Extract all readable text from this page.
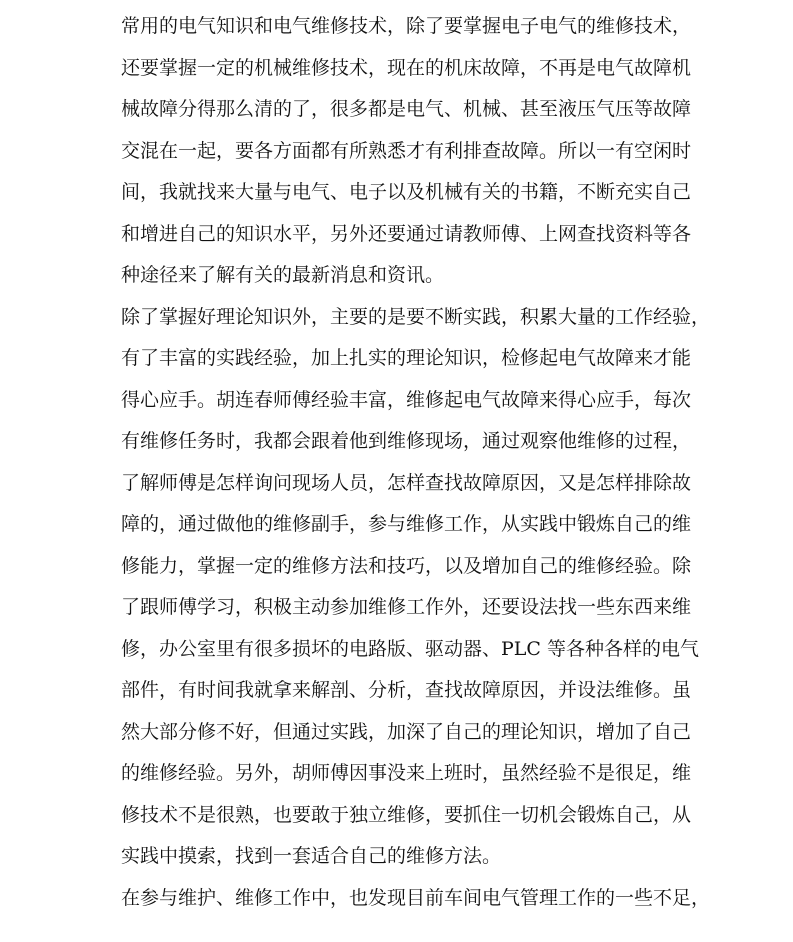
常用的电气知识和电气维修技术，除了要掌握电子电气的维修技术，
还要掌握一定的机械维修技术，现在的机床故障，不再是电气故障机
械故障分得那么清的了，很多都是电气、机械、甚至液压气压等故障
交混在一起，要各方面都有所熟悉才有利排查故障。所以一有空闲时
间，我就找来大量与电气、电子以及机械有关的书籍，不断充实自己
和增进自己的知识水平，另外还要通过请教师傅、上网查找资料等各
种途径来了解有关的最新消息和资讯。
除了掌握好理论知识外，主要的是要不断实践，积累大量的工作经验，
有了丰富的实践经验，加上扎实的理论知识，检修起电气故障来才能
得心应手。胡连春师傅经验丰富，维修起电气故障来得心应手，每次
有维修任务时，我都会跟着他到维修现场，通过观察他维修的过程，
了解师傅是怎样询问现场人员，怎样查找故障原因，又是怎样排除故
障的，通过做他的维修副手，参与维修工作，从实践中锻炼自己的维
修能力，掌握一定的维修方法和技巧，以及增加自己的维修经验。除
了跟师傅学习，积极主动参加维修工作外，还要设法找一些东西来维
修，办公室里有很多损坏的电路版、驱动器、PLC 等各种各样的电气
部件，有时间我就拿来解剖、分析，查找故障原因，并设法维修。虽
然大部分修不好，但通过实践，加深了自己的理论知识，增加了自己
的维修经验。另外，胡师傅因事没来上班时，虽然经验不是很足，维
修技术不是很熟，也要敢于独立维修，要抓住一切机会锻炼自己，从
实践中摸索，找到一套适合自己的维修方法。
在参与维护、维修工作中，也发现目前车间电气管理工作的一些不足，
